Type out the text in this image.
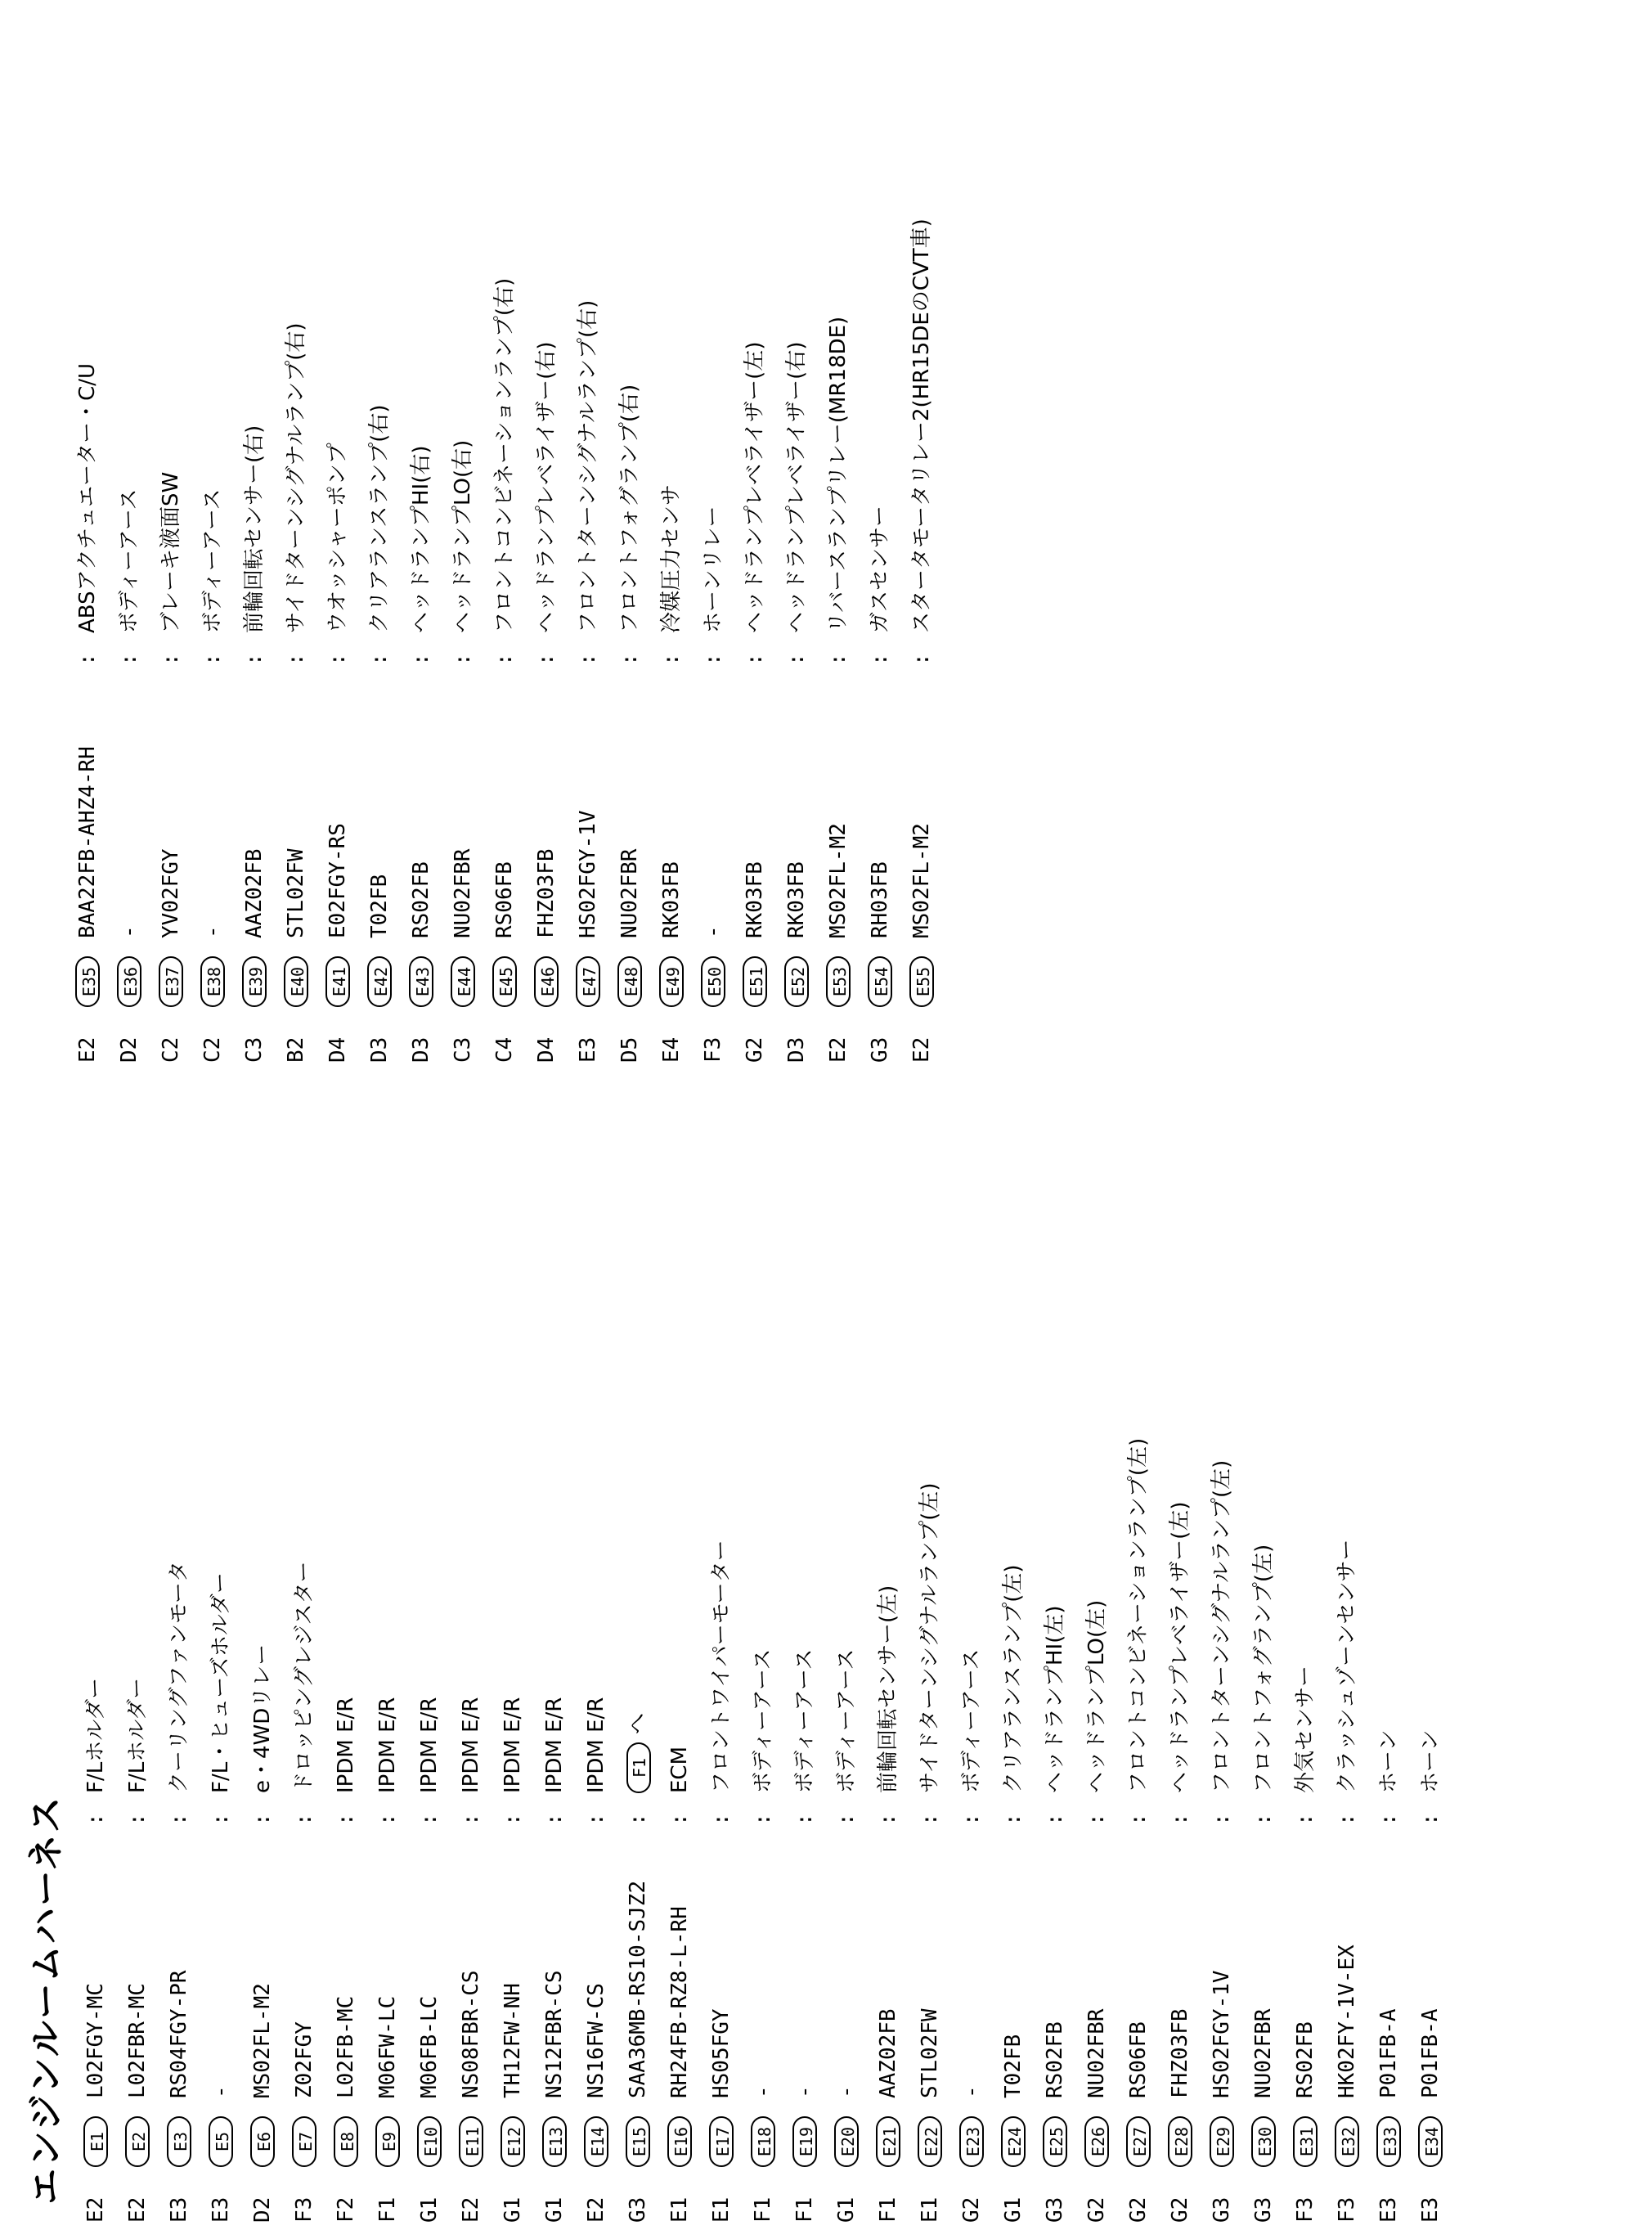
エンジンルームハーネス
E2
E1
L02FGY-MC
:
F/Lホルダー
E2
E2
L02FBR-MC
:
F/Lホルダー
E3
E3
RS04FGY-PR
:
クーリングファンモータ
E3
E5
-
:
F/L・ヒューズホルダー
D2
E6
MS02FL-M2
:
e・4WDリレー
F3
E7
Z02FGY
:
ドロッピングレジスター
F2
E8
L02FB-MC
:
IPDM E/R
F1
E9
M06FW-LC
:
IPDM E/R
G1
E10
M06FB-LC
:
IPDM E/R
E2
E11
NS08FBR-CS
:
IPDM E/R
G1
E12
TH12FW-NH
:
IPDM E/R
G1
E13
NS12FBR-CS
:
IPDM E/R
E2
E14
NS16FW-CS
:
IPDM E/R
G3
E15
SAA36MB-RS10-SJZ2
:
F1
へ
E1
E16
RH24FB-RZ8-L-RH
:
ECM
E1
E17
HS05FGY
:
フロントワイパーモーター
F1
E18
-
:
ボディーアース
F1
E19
-
:
ボディーアース
G1
E20
-
:
ボディーアース
F1
E21
AAZ02FB
:
前輪回転センサー(左)
E1
E22
STL02FW
:
サイドターンシグナルランプ(左)
G2
E23
-
:
ボディーアース
G1
E24
T02FB
:
クリアランスランプ(左)
G3
E25
RS02FB
:
ヘッドランプHI(左)
G2
E26
NU02FBR
:
ヘッドランプLO(左)
G2
E27
RS06FB
:
フロントコンビネーションランプ(左)
G2
E28
FHZ03FB
:
ヘッドランプレベライザー(左)
G3
E29
HS02FGY-1V
:
フロントターンシグナルランプ(左)
G3
E30
NU02FBR
:
フロントフォグランプ(左)
F3
E31
RS02FB
:
外気センサー
F3
E32
HK02FY-1V-EX
:
クラッシュゾーンセンサー
E3
E33
P01FB-A
:
ホーン
E3
E34
P01FB-A
:
ホーン
E2
E35
BAA22FB-AHZ4-RH
:
ABSアクチュエーター・C/U
D2
E36
-
:
ボディーアース
C2
E37
YV02FGY
:
ブレーキ液面SW
C2
E38
-
:
ボディーアース
C3
E39
AAZ02FB
:
前輪回転センサー(右)
B2
E40
STL02FW
:
サイドターンシグナルランプ(右)
D4
E41
E02FGY-RS
:
ウオッシャーポンプ
D3
E42
T02FB
:
クリアランスランプ(右)
D3
E43
RS02FB
:
ヘッドランプHI(右)
C3
E44
NU02FBR
:
ヘッドランプLO(右)
C4
E45
RS06FB
:
フロントコンビネーションランプ(右)
D4
E46
FHZ03FB
:
ヘッドランプレベライザー(右)
E3
E47
HS02FGY-1V
:
フロントターンシグナルランプ(右)
D5
E48
NU02FBR
:
フロントフォグランプ(右)
E4
E49
RK03FB
:
冷媒圧力センサ
F3
E50
-
:
ホーンリレー
G2
E51
RK03FB
:
ヘッドランプレベライザー(左)
D3
E52
RK03FB
:
ヘッドランプレベライザー(右)
E2
E53
MS02FL-M2
:
リバースランプリレー(MR18DE)
G3
E54
RH03FB
:
ガスセンサー
E2
E55
MS02FL-M2
:
スタータモータリレー2(HR15DEのCVT車)
